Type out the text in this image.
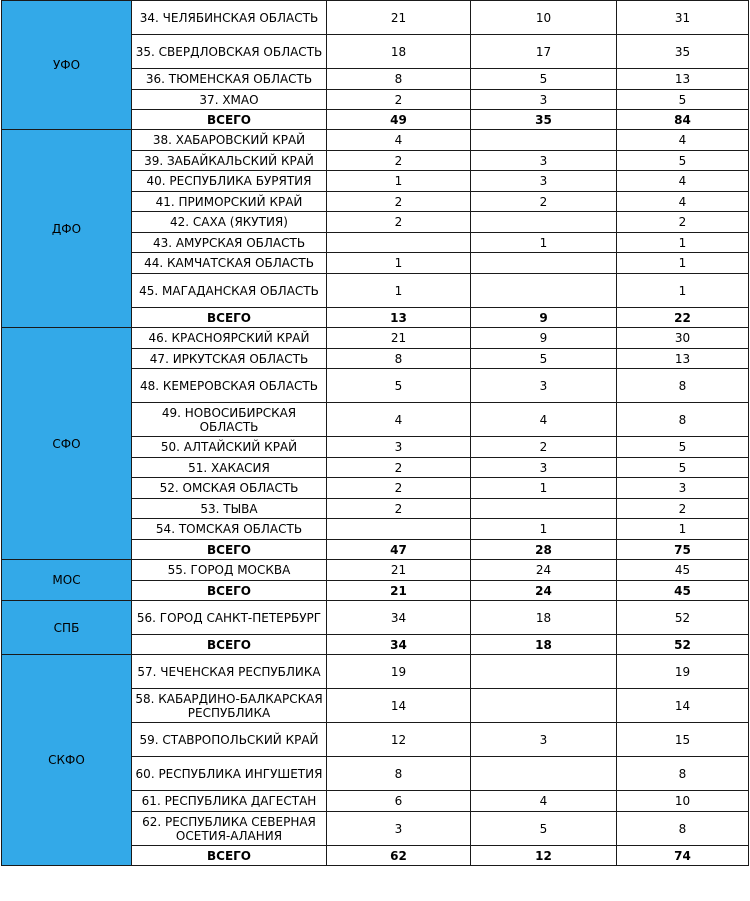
УФО	34. ЧЕЛЯБИНСКАЯ ОБЛАСТЬ	21	10	31
	35. СВЕРДЛОВСКАЯ ОБЛАСТЬ	18	17	35
	36. ТЮМЕНСКАЯ ОБЛАСТЬ	8	5	13
	37. ХМАО	2	3	5
	ВСЕГО	49	35	84
ДФО	38. ХАБАРОВСКИЙ КРАЙ	4		4
	39. ЗАБАЙКАЛЬСКИЙ КРАЙ	2	3	5
	40. РЕСПУБЛИКА БУРЯТИЯ	1	3	4
	41. ПРИМОРСКИЙ КРАЙ	2	2	4
	42. САХА (ЯКУТИЯ)	2		2
	43. АМУРСКАЯ ОБЛАСТЬ		1	1
	44. КАМЧАТСКАЯ ОБЛАСТЬ	1		1
	45. МАГАДАНСКАЯ ОБЛАСТЬ	1		1
	ВСЕГО	13	9	22
СФО	46. КРАСНОЯРСКИЙ КРАЙ	21	9	30
	47. ИРКУТСКАЯ ОБЛАСТЬ	8	5	13
	48. КЕМЕРОВСКАЯ ОБЛАСТЬ	5	3	8
	49. НОВОСИБИРСКАЯ ОБЛАСТЬ	4	4	8
	50. АЛТАЙСКИЙ КРАЙ	3	2	5
	51. ХАКАСИЯ	2	3	5
	52. ОМСКАЯ ОБЛАСТЬ	2	1	3
	53. ТЫВА	2		2
	54. ТОМСКАЯ ОБЛАСТЬ		1	1
	ВСЕГО	47	28	75
МОС	55. ГОРОД МОСКВА	21	24	45
	ВСЕГО	21	24	45
СПБ	56. ГОРОД САНКТ-ПЕТЕРБУРГ	34	18	52
	ВСЕГО	34	18	52
СКФО	57. ЧЕЧЕНСКАЯ РЕСПУБЛИКА	19		19
	58. КАБАРДИНО-БАЛКАРСКАЯ РЕСПУБЛИКА	14		14
	59. СТАВРОПОЛЬСКИЙ КРАЙ	12	3	15
	60. РЕСПУБЛИКА ИНГУШЕТИЯ	8		8
	61. РЕСПУБЛИКА ДАГЕСТАН	6	4	10
	62. РЕСПУБЛИКА СЕВЕРНАЯ ОСЕТИЯ-АЛАНИЯ	3	5	8
	ВСЕГО	62	12	74
